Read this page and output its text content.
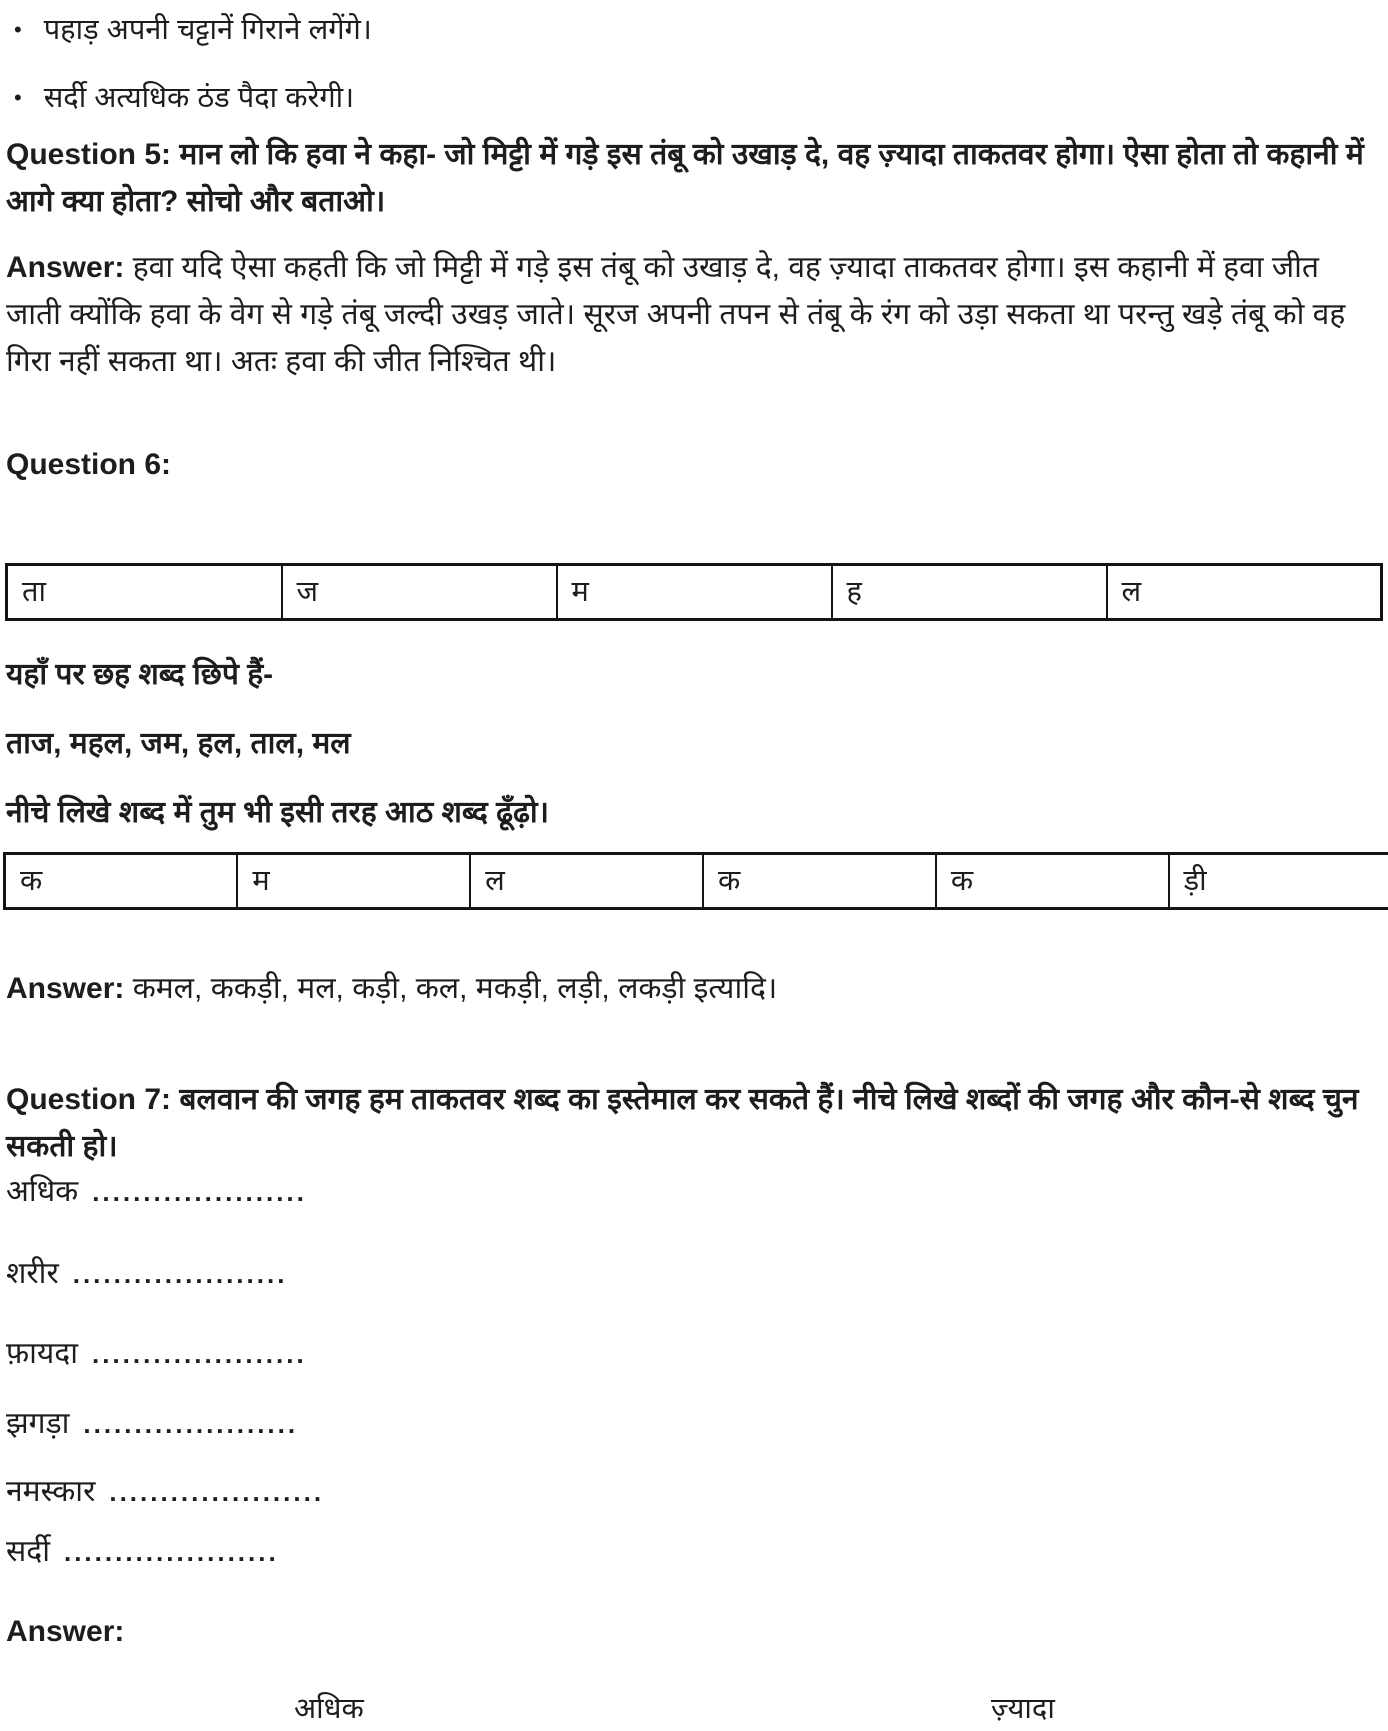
• पहाड़ अपनी चट्टानें गिराने लगेंगे।
• सर्दी अत्यधिक ठंड पैदा करेगी।

Question 5: मान लो कि हवा ने कहा- जो मिट्टी में गड़े इस तंबू को उखाड़ दे, वह ज़्यादा ताकतवर होगा। ऐसा होता तो कहानी में आगे क्या होता? सोचो और बताओ।

Answer: हवा यदि ऐसा कहती कि जो मिट्टी में गड़े इस तंबू को उखाड़ दे, वह ज़्यादा ताकतवर होगा। इस कहानी में हवा जीत जाती क्योंकि हवा के वेग से गड़े तंबू जल्दी उखड़ जाते। सूरज अपनी तपन से तंबू के रंग को उड़ा सकता था परन्तु खड़े तंबू को वह गिरा नहीं सकता था। अतः हवा की जीत निश्चित थी।

Question 6:

ता	ज	म	ह	ल

यहाँ पर छह शब्द छिपे हैं-

ताज, महल, जम, हल, ताल, मल

नीचे लिखे शब्द में तुम भी इसी तरह आठ शब्द ढूँढ़ो।

क	म	ल	क	क	ड़ी

Answer: कमल, ककड़ी, मल, कड़ी, कल, मकड़ी, लड़ी, लकड़ी इत्यादि।

Question 7: बलवान की जगह हम ताकतवर शब्द का इस्तेमाल कर सकते हैं। नीचे लिखे शब्दों की जगह और कौन-से शब्द चुन सकती हो।

अधिक .....................
शरीर .....................
फ़ायदा .....................
झगड़ा .....................
नमस्कार .....................
सर्दी .....................

Answer:

अधिक	ज़्यादा
